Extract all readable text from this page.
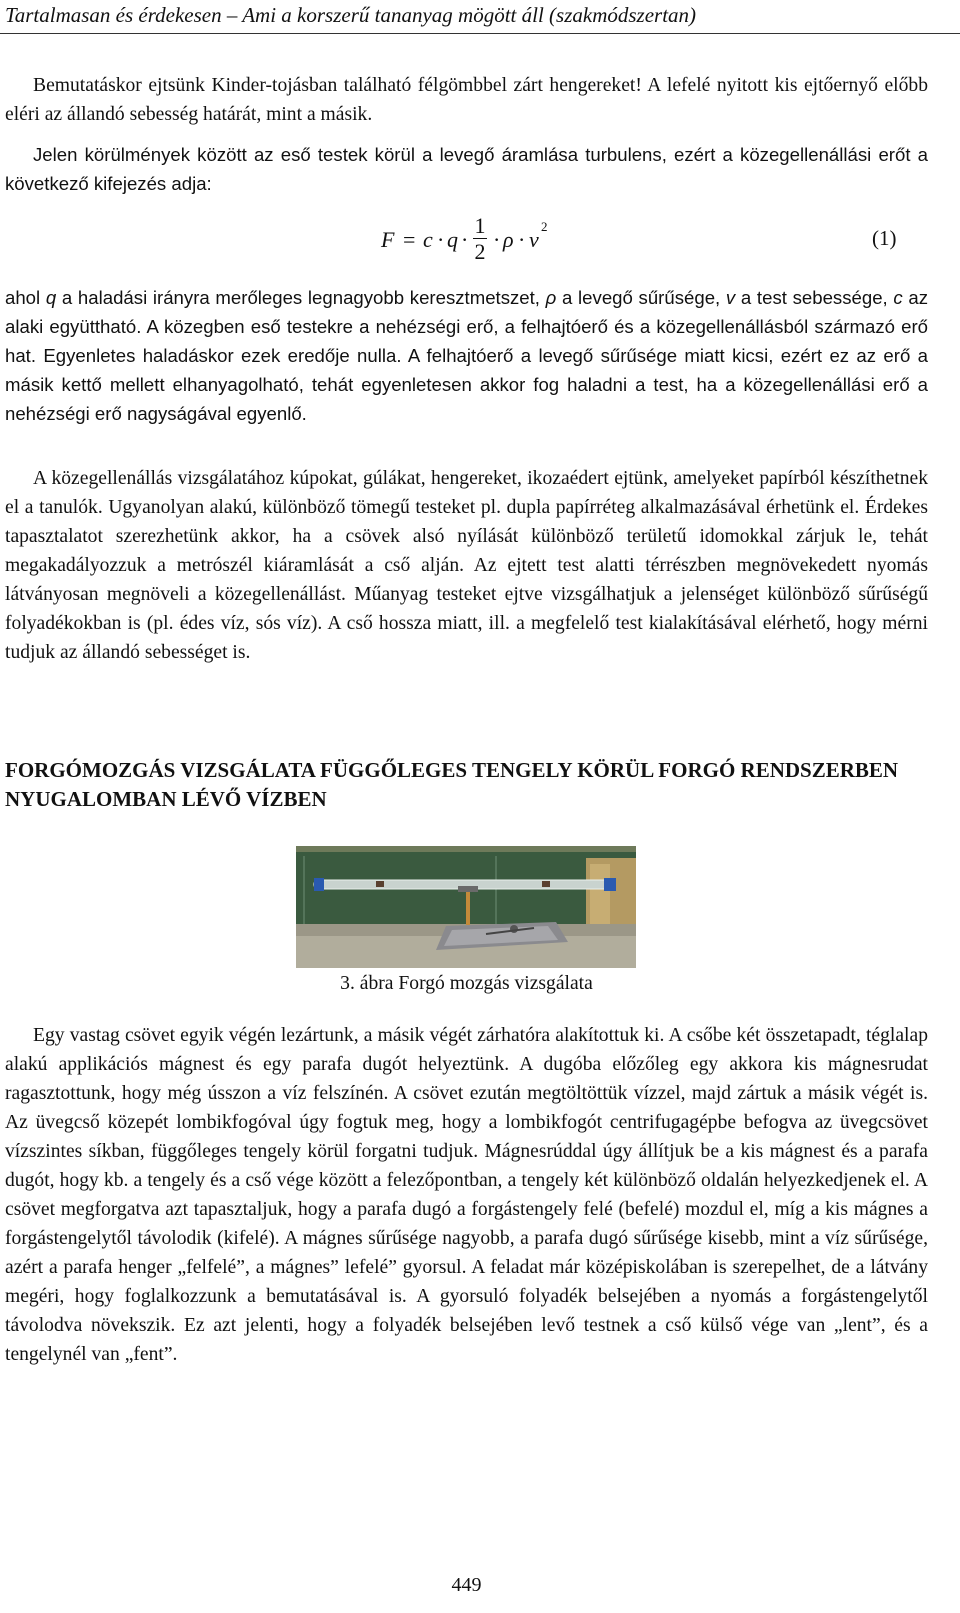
Tartalmasan és érdekesen – Ami a korszerű tananyag mögött áll (szakmódszertan)

Bemutatáskor ejtsünk Kinder-tojásban található félgömbbel zárt hengereket! A lefelé nyitott kis ejtőernyő előbb eléri az állandó sebesség határát, mint a másik.

Jelen körülmények között az eső testek körül a levegő áramlása turbulens, ezért a közegellenállási erőt a következő kifejezés adja:

ahol q a haladási irányra merőleges legnagyobb keresztmetszet, ρ a levegő sűrűsége, v a test sebessége, c az alaki együttható. A közegben eső testekre a nehézségi erő, a felhajtóerő és a közegellenállásból származó erő hat. Egyenletes haladáskor ezek eredője nulla. A felhajtóerő a levegő sűrűsége miatt kicsi, ezért ez az erő a másik kettő mellett elhanyagolható, tehát egyenletesen akkor fog haladni a test, ha a közegellenállási erő a nehézségi erő nagyságával egyenlő.

A közegellenállás vizsgálatához kúpokat, gúlákat, hengereket, ikozaédert ejtünk, amelyeket papírból készíthetnek el a tanulók. Ugyanolyan alakú, különböző tömegű testeket pl. dupla papírréteg alkalmazásával érhetünk el. Érdekes tapasztalatot szerezhetünk akkor, ha a csövek alsó nyílását különböző területű idomokkal zárjuk le, tehát megakadályozzuk a metrószél kiáramlását a cső alján. Az ejtett test alatti térrészben megnövekedett nyomás látványosan megnöveli a közegellenállást. Műanyag testeket ejtve vizsgálhatjuk a jelenséget különböző sűrűségű folyadékokban is (pl. édes víz, sós víz). A cső hossza miatt, ill. a megfelelő test kialakításával elérhető, hogy mérni tudjuk az állandó sebességet is.

Egy vastag csövet egyik végén lezártunk, a másik végét zárhatóra alakítottuk ki. A csőbe két összetapadt, téglalap alakú applikációs mágnest és egy parafa dugót helyeztünk. A dugóba előzőleg egy akkora kis mágnesrudat ragasztottunk, hogy még ússzon a víz felszínén. A csövet ezután megtöltöttük vízzel, majd zártuk a másik végét is. Az üvegcső közepét lombikfogóval úgy fogtuk meg, hogy a lombikfogót centrifugagépbe befogva az üvegcsövet vízszintes síkban, függőleges tengely körül forgatni tudjuk. Mágnesrúddal úgy állítjuk be a kis mágnest és a parafa dugót, hogy kb. a tengely és a cső vége között a felezőpontban, a tengely két különböző oldalán helyezkedjenek el. A csövet megforgatva azt tapasztaljuk, hogy a parafa dugó a forgástengely felé (befelé) mozdul el, míg a kis mágnes a forgástengelytől távolodik (kifelé). A mágnes sűrűsége nagyobb, a parafa dugó sűrűsége kisebb, mint a víz sűrűsége, azért a parafa henger „felfelé”, a mágnes” lefelé” gyorsul. A feladat már középiskolában is szerepelhet, de a látvány megéri, hogy foglalkozzunk a bemutatásával is. A gyorsuló folyadék belsejében a nyomás a forgástengelytől távolodva növekszik. Ez azt jelenti, hogy a folyadék belsejében levő testnek a cső külső vége van „lent”, és a tengelynél van „fent”.

F = c · q ·
1
2 · ρ · v
2	(1)
FORGÓMOZGÁS VIZSGÁLATA FÜGGŐLEGES TENGELY KÖRÜL FORGÓ RENDSZERBEN NYUGALOMBAN LÉVŐ VÍZBEN
3. ábra Forgó mozgás vizsgálata
449
